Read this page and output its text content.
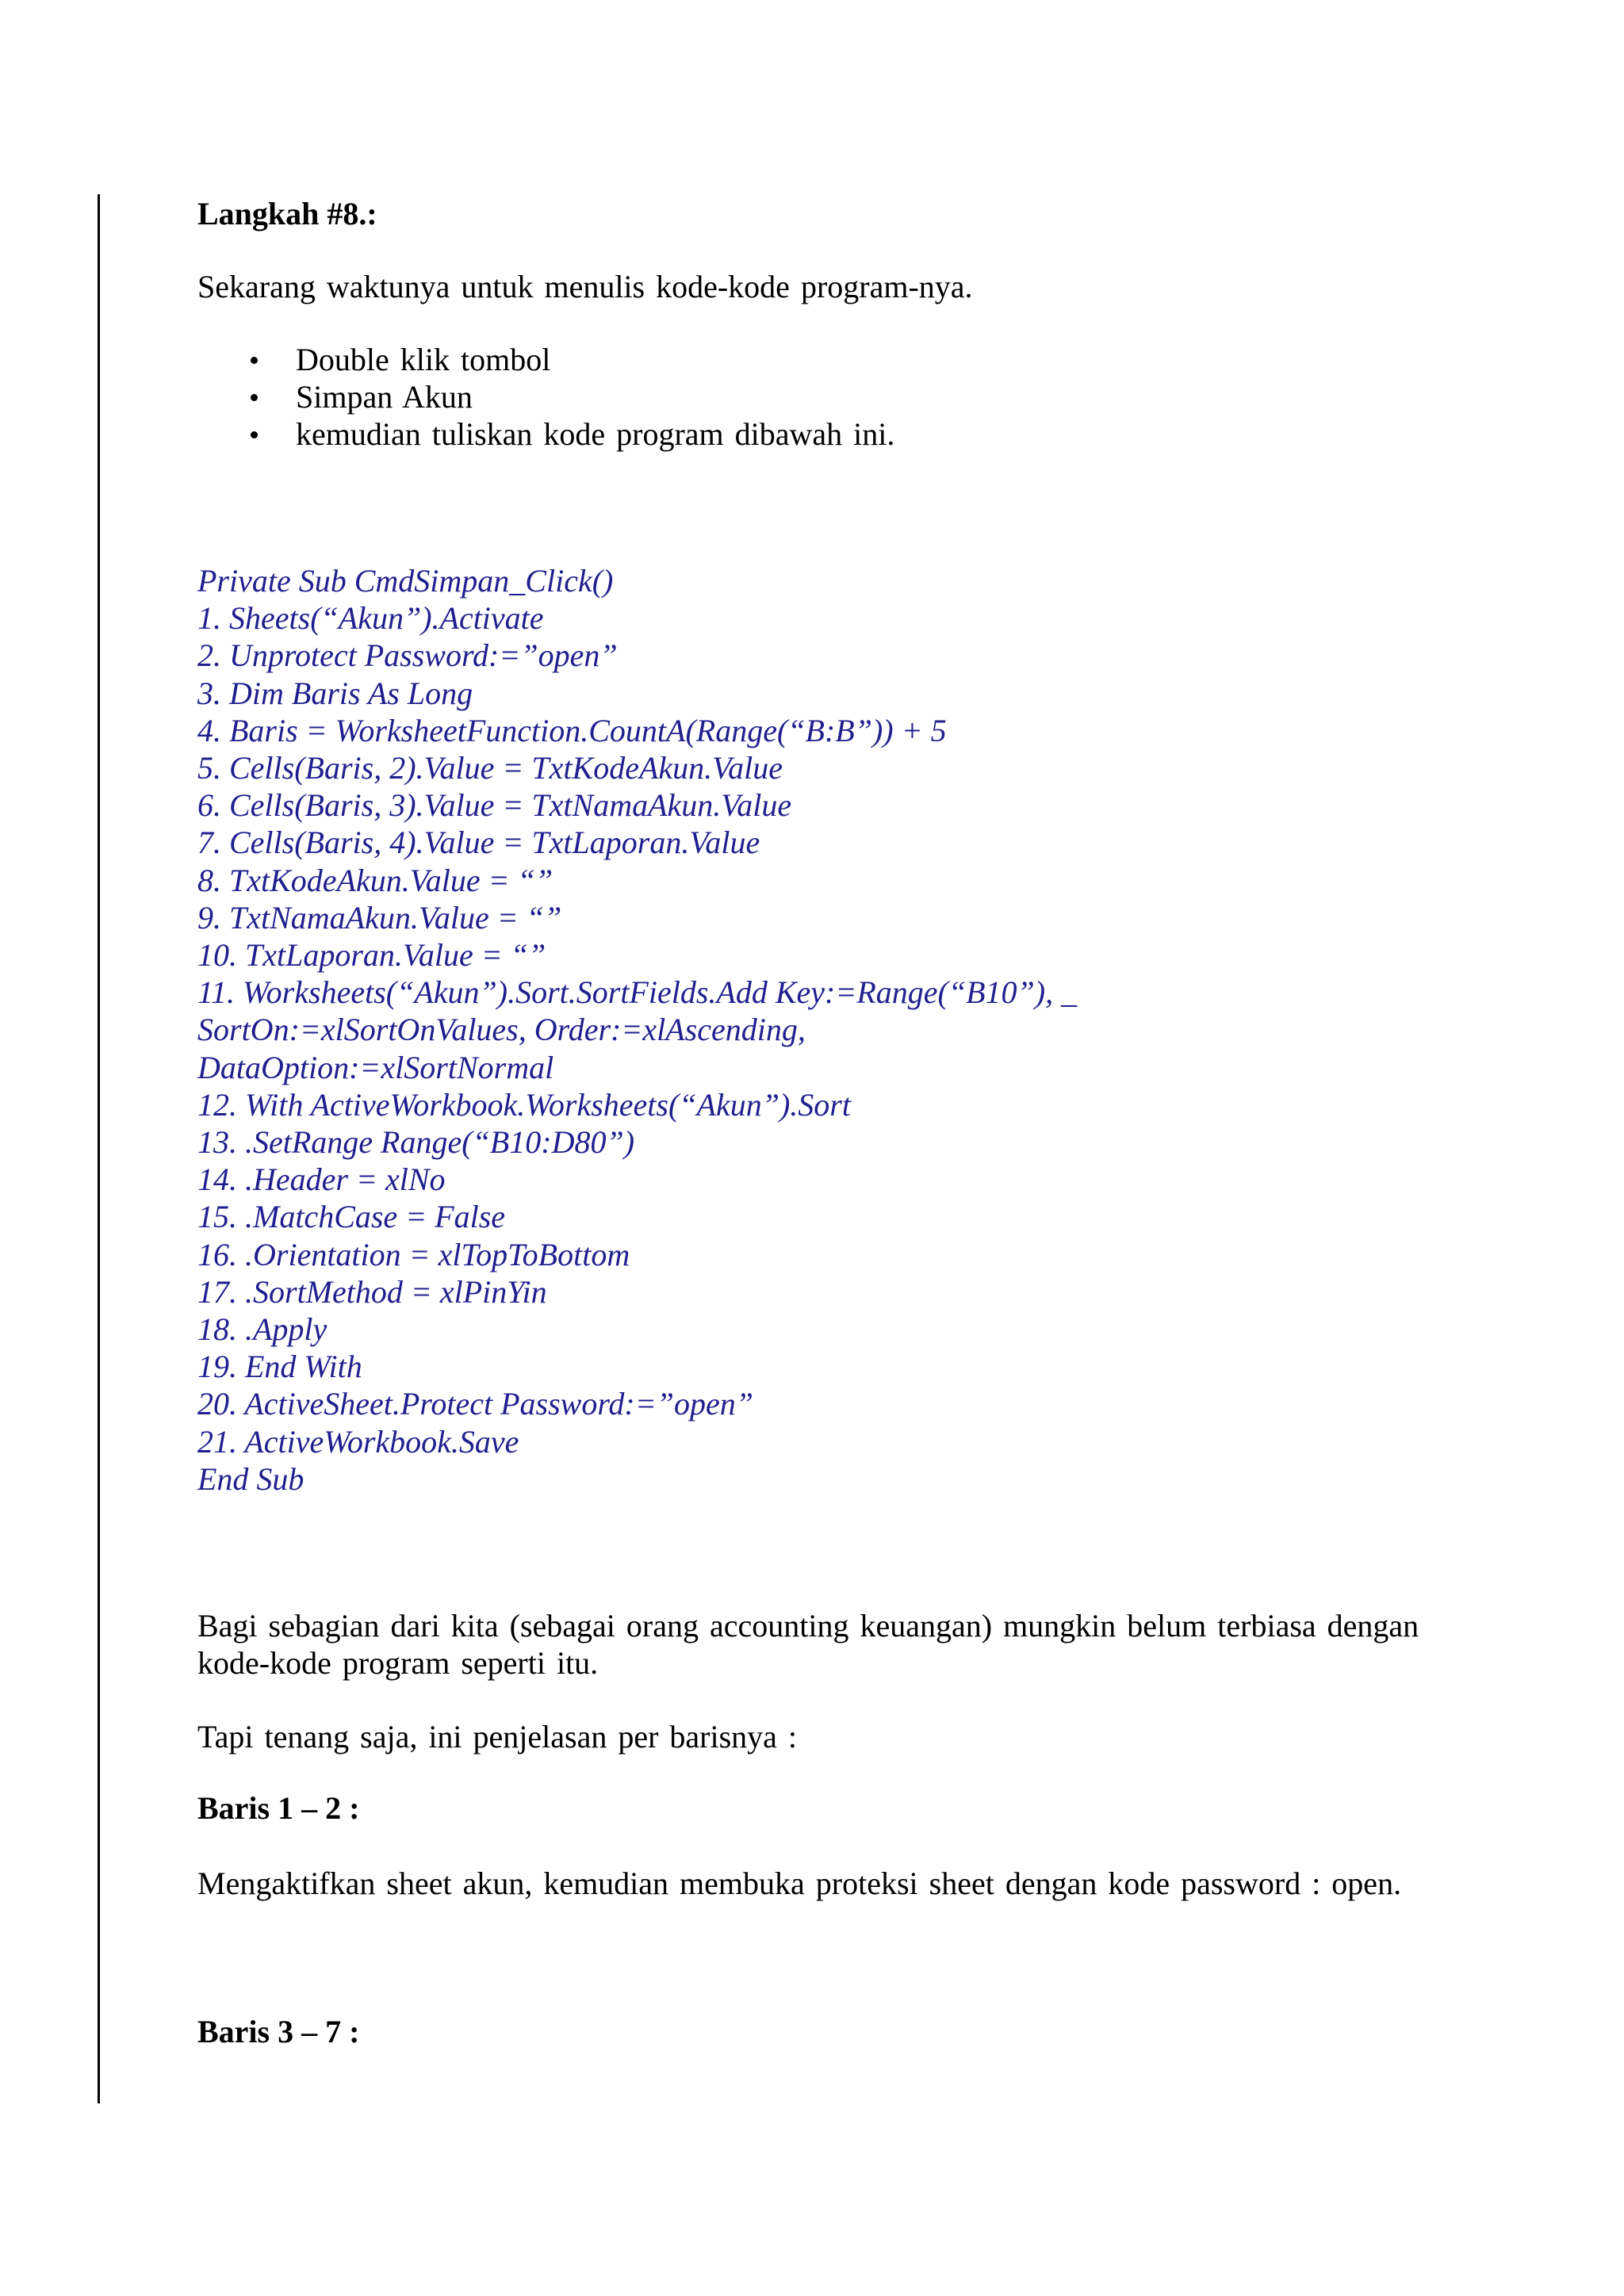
Langkah #8.:

Sekarang waktunya untuk menulis kode-kode program-nya.

Double klik tombol
Simpan Akun
kemudian tuliskan kode program dibawah ini.
Private Sub CmdSimpan_Click()
1. Sheets(“Akun”).Activate
2. Unprotect Password:=”open”
3. Dim Baris As Long
4. Baris = WorksheetFunction.CountA(Range(“B:B”)) + 5
5. Cells(Baris, 2).Value = TxtKodeAkun.Value
6. Cells(Baris, 3).Value = TxtNamaAkun.Value
7. Cells(Baris, 4).Value = TxtLaporan.Value
8. TxtKodeAkun.Value = “”
9. TxtNamaAkun.Value = “”
10. TxtLaporan.Value = “”
11. Worksheets(“Akun”).Sort.SortFields.Add Key:=Range(“B10”), _
SortOn:=xlSortOnValues, Order:=xlAscending,
DataOption:=xlSortNormal
12. With ActiveWorkbook.Worksheets(“Akun”).Sort
13. .SetRange Range(“B10:D80”)
14. .Header = xlNo
15. .MatchCase = False
16. .Orientation = xlTopToBottom
17. .SortMethod = xlPinYin
18. .Apply
19. End With
20. ActiveSheet.Protect Password:=”open”
21. ActiveWorkbook.Save
End Sub

Bagi sebagian dari kita (sebagai orang accounting keuangan) mungkin belum terbiasa dengan kode-kode program seperti itu.

Tapi tenang saja, ini penjelasan per barisnya :

Baris 1 – 2 :

Mengaktifkan sheet akun, kemudian membuka proteksi sheet dengan kode password : open.

Baris 3 – 7 :
